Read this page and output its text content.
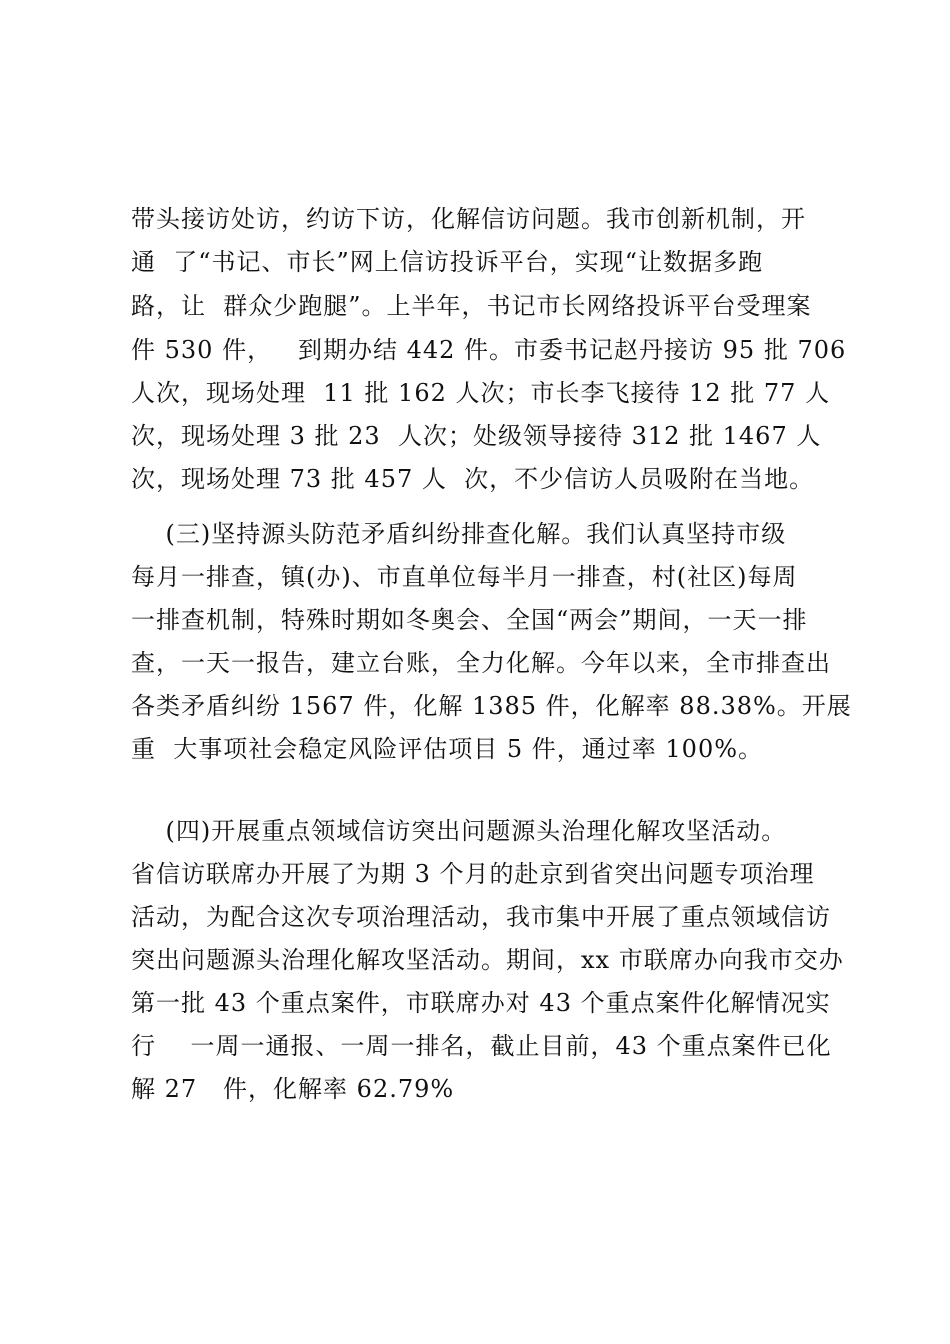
带头接访处访，约访下访，化解信访问题。我市创新机制，开
通  了“书记、市长”网上信访投诉平台，实现“让数据多跑
路，让  群众少跑腿”。上半年，书记市长网络投诉平台受理案
件 530 件，   到期办结 442 件。市委书记赵丹接访 95 批 706
人次，现场处理  11 批 162 人次；市长李飞接待 12 批 77 人
次，现场处理 3 批 23  人次；处级领导接待 312 批 1467 人
次，现场处理 73 批 457 人  次，不少信访人员吸附在当地。
(三)坚持源头防范矛盾纠纷排查化解。我们认真坚持市级
每月一排查，镇(办)、市直单位每半月一排查，村(社区)每周
一排查机制，特殊时期如冬奥会、全国“两会”期间，一天一排
查，一天一报告，建立台账，全力化解。今年以来，全市排查出
各类矛盾纠纷 1567 件，化解 1385 件，化解率 88.38%。开展
重  大事项社会稳定风险评估项目 5 件，通过率 100%。
(四)开展重点领域信访突出问题源头治理化解攻坚活动。
省信访联席办开展了为期 3 个月的赴京到省突出问题专项治理
活动，为配合这次专项治理活动，我市集中开展了重点领域信访
突出问题源头治理化解攻坚活动。期间，xx 市联席办向我市交办
第一批 43 个重点案件，市联席办对 43 个重点案件化解情况实
行    一周一通报、一周一排名，截止目前，43 个重点案件已化
解 27   件，化解率 62.79%
